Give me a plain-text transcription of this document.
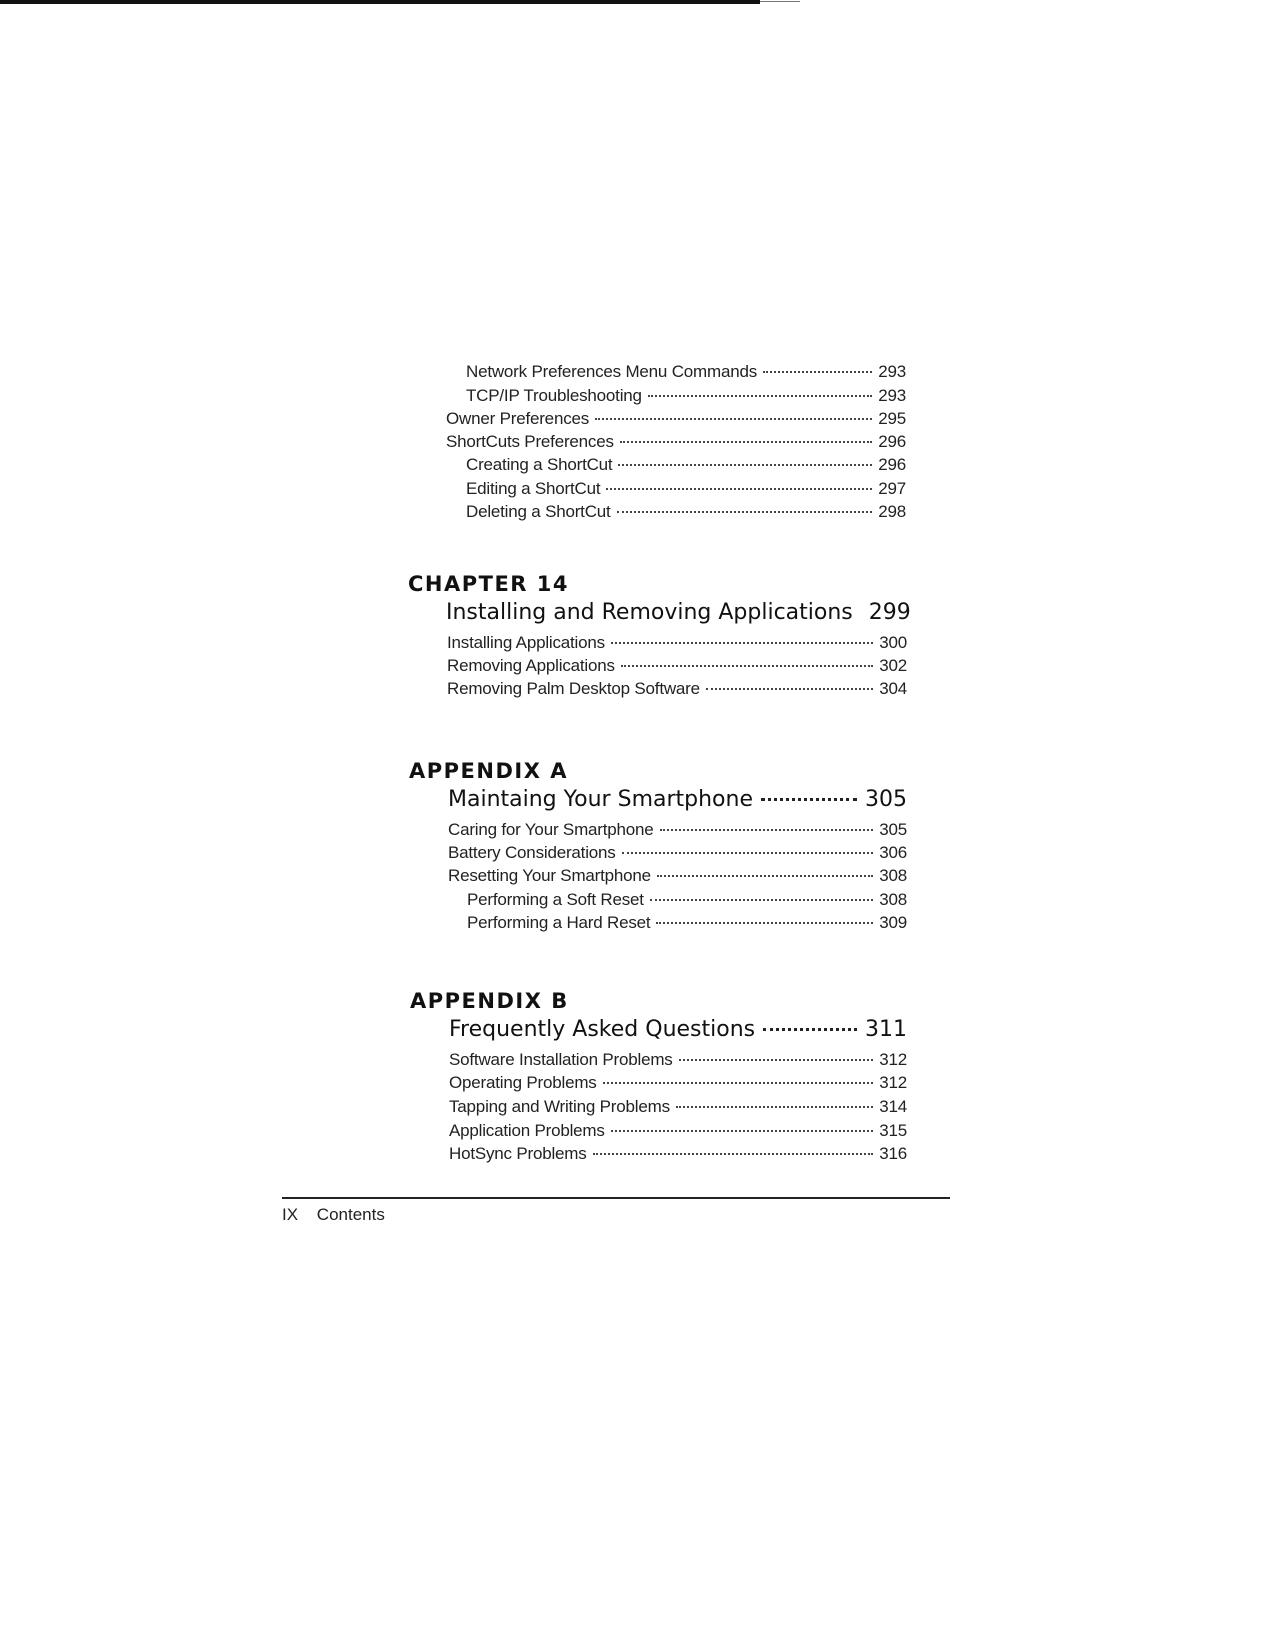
Network Preferences Menu Commands	293
TCP/IP Troubleshooting	293
Owner Preferences	295
ShortCuts Preferences	296
Creating a ShortCut	296
Editing a ShortCut	297
Deleting a ShortCut	298
CHAPTER 14
Installing and Removing Applications 299
Installing Applications	300
Removing Applications	302
Removing Palm Desktop Software	304
APPENDIX A
Maintaing Your Smartphone	305
Caring for Your Smartphone	305
Battery Considerations	306
Resetting Your Smartphone	308
Performing a Soft Reset	308
Performing a Hard Reset	309
APPENDIX B
Frequently Asked Questions	311
Software Installation Problems	312
Operating Problems	312
Tapping and Writing Problems	314
Application Problems	315
HotSync Problems	316
IX Contents
